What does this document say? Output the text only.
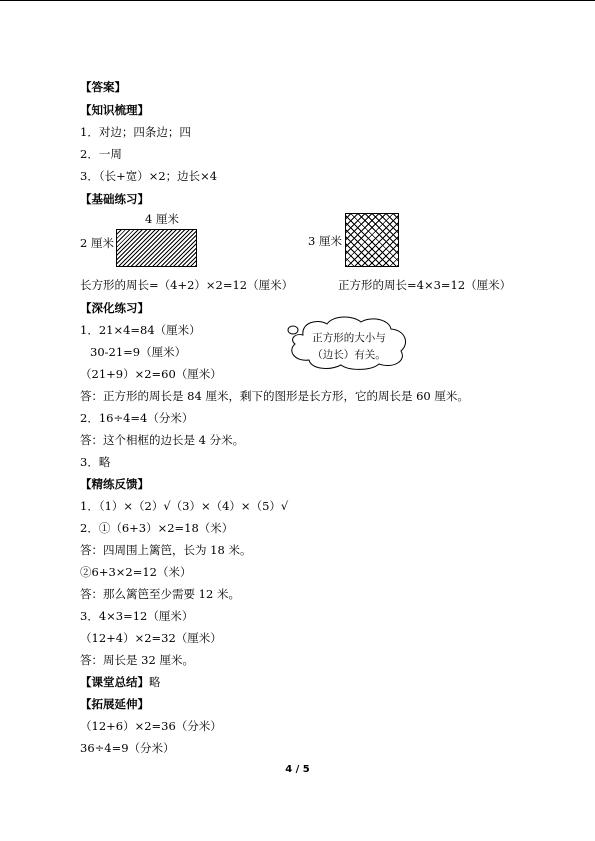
【答案】
【知识梳理】
1．对边；四条边；四
2．一周
3．（长+宽）×2；边长×4
【基础练习】
4 厘米
2 厘米	3 厘米
长方形的周长=（4+2）×2=12（厘米）	正方形的周长=4×3=12（厘米）
【深化练习】
1．21×4=84（厘米）
30-21=9（厘米）
（21+9）×2=60（厘米）
答：正方形的周长是 84 厘米，剩下的图形是长方形，它的周长是 60 厘米。
2．16÷4=4（分米）
答：这个相框的边长是 4 分米。
3．略
正方形的大小与
（边长）有关。
【精练反馈】
1．（1）×（2）√（3）×（4）×（5）√
2．①（6+3）×2=18（米）
答：四周围上篱笆，长为 18 米。
②6+3×2=12（米）
答：那么篱笆至少需要 12 米。
3．4×3=12（厘米）
（12+4）×2=32（厘米）
答：周长是 32 厘米。
【课堂总结】略
【拓展延伸】
（12+6）×2=36（分米）
36÷4=9（分米）
4 / 5
